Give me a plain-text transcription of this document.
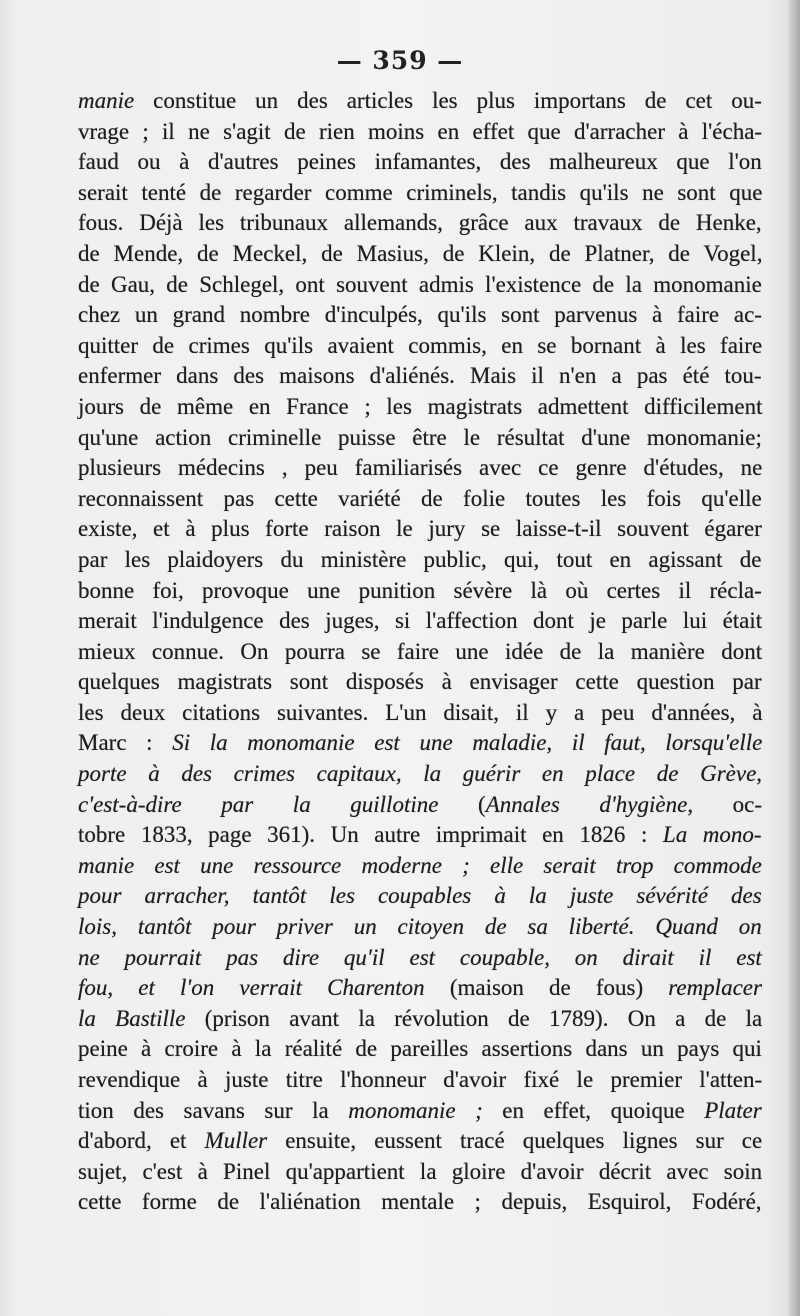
— 359 —
manie constitue un des articles les plus importans de cet ou-
vrage ; il ne s'agit de rien moins en effet que d'arracher à l'écha-
faud ou à d'autres peines infamantes, des malheureux que l'on
serait tenté de regarder comme criminels, tandis qu'ils ne sont que
fous. Déjà les tribunaux allemands, grâce aux travaux de Henke,
de Mende, de Meckel, de Masius, de Klein, de Platner, de Vogel,
de Gau, de Schlegel, ont souvent admis l'existence de la monomanie
chez un grand nombre d'inculpés, qu'ils sont parvenus à faire ac-
quitter de crimes qu'ils avaient commis, en se bornant à les faire
enfermer dans des maisons d'aliénés. Mais il n'en a pas été tou-
jours de même en France ; les magistrats admettent difficilement
qu'une action criminelle puisse être le résultat d'une monomanie;
plusieurs médecins , peu familiarisés avec ce genre d'études, ne
reconnaissent pas cette variété de folie toutes les fois qu'elle
existe, et à plus forte raison le jury se laisse-t-il souvent égarer
par les plaidoyers du ministère public, qui, tout en agissant de
bonne foi, provoque une punition sévère là où certes il récla-
merait l'indulgence des juges, si l'affection dont je parle lui était
mieux connue. On pourra se faire une idée de la manière dont
quelques magistrats sont disposés à envisager cette question par
les deux citations suivantes. L'un disait, il y a peu d'années, à
Marc : Si la monomanie est une maladie, il faut, lorsqu'elle
porte à des crimes capitaux, la guérir en place de Grève,
c'est-à-dire par la guillotine (Annales d'hygiène, oc-
tobre 1833, page 361). Un autre imprimait en 1826 : La mono-
manie est une ressource moderne ; elle serait trop commode
pour arracher, tantôt les coupables à la juste sévérité des
lois, tantôt pour priver un citoyen de sa liberté. Quand on
ne pourrait pas dire qu'il est coupable, on dirait il est
fou, et l'on verrait Charenton (maison de fous) remplacer
la Bastille (prison avant la révolution de 1789). On a de la
peine à croire à la réalité de pareilles assertions dans un pays qui
revendique à juste titre l'honneur d'avoir fixé le premier l'atten-
tion des savans sur la monomanie ; en effet, quoique Plater
d'abord, et Muller ensuite, eussent tracé quelques lignes sur ce
sujet, c'est à Pinel qu'appartient la gloire d'avoir décrit avec soin
cette forme de l'aliénation mentale ; depuis, Esquirol, Fodéré,
